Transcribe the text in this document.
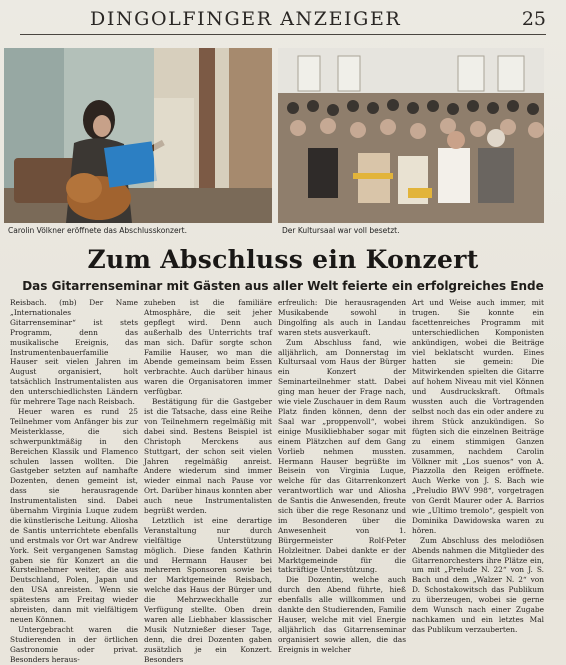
DINGOLFINGER ANZEIGER	25
Carolin Völkner eröffnete das Abschlusskonzert.	Der Kultursaal war voll besetzt.
Zum Abschluss ein Konzert
Das Gitarrenseminar mit Gästen aus aller Welt feierte ein erfolgreiches Ende

Reisbach. (mb) Der Name „Internationales Gitarrenseminar“ ist stets Programm, denn das musikalische Ereignis, das Instrumentenbauerfamilie Hauser seit vielen Jahren im August organisiert, holt tatsächlich Instrumentalisten aus den unterschiedlichsten Ländern für mehrere Tage nach Reisbach.

Heuer waren es rund 25 Teilnehmer vom Anfänger bis zur Meisterklasse, die sich schwerpunktmäßig in den Bereichen Klassik und Flamenco schulen lassen wollten. Die Gastgeber setzten auf namhafte Dozenten, denen gemeint ist, dass sie herausragende Instrumentalisten sind. Dabei übernahm Virginia Luque zudem die künstlerische Leitung. Aliosha de Santis unterrichtete ebenfalls und erstmals vor Ort war Andrew York. Seit vergangenen Samstag gaben sie für Konzert an die Kursteilnehmer weiter, die aus Deutschland, Polen, Japan und den USA anreisten. Wenn sie spätestens am Freitag wieder abreisten, dann mit vielfältigem neuen Können.

Untergebracht waren die Studierenden in der örtlichen Gastronomie oder privat. Besonders heraus-

zuheben ist die familiäre Atmosphäre, die seit jeher gepflegt wird. Denn auch außerhalb des Unterrichts traf man sich. Dafür sorgte schon Familie Hauser, wo man die Abende gemeinsam beim Essen verbrachte. Auch darüber hinaus waren die Organisatoren immer verfügbar.

Bestätigung für die Gastgeber ist die Tatsache, dass eine Reihe von Teilnehmern regelmäßig mit dabei sind. Bestens Beispiel ist Christoph Merckens aus Stuttgart, der schon seit vielen Jahren regelmäßig anreist. Andere wiederum sind immer wieder einmal nach Pause vor Ort. Darüber hinaus konnten aber auch neue Instrumentalisten begrüßt werden.

Letztlich ist eine derartige Veranstaltung nur durch vielfältige Unterstützung möglich. Diese fanden Kathrin und Hermann Hauser bei mehreren Sponsoren sowie bei der Marktgemeinde Reisbach, welche das Haus der Bürger und die Mehrzweckhalle zur Verfügung stellte. Oben drein waren alle Liebhaber klassischer Musik Nutznießer dieser Tage, denn, die drei Dozenten gaben zusätzlich je ein Konzert. Besonders

erfreulich: Die herausragenden Musikabende sowohl in Dingolfing als auch in Landau waren stets ausverkauft.

Zum Abschluss fand, wie alljährlich, am Donnerstag im Kultursaal vom Haus der Bürger ein Konzert der Seminarteilnehmer statt. Dabei ging man heuer der Frage nach, wie viele Zuschauer in dem Raum Platz finden können, denn der Saal war „proppenvoll“, wobei einige Musikliebhaber sogar mit einem Plätzchen auf dem Gang Vorlieb nehmen mussten. Hermann Hauser begrüßte im Beisein von Virginia Luque, welche für das Gitarrenkonzert verantwortlich war und Aliosha de Santis die Anwesenden, freute sich über die rege Resonanz und im Besonderen über die Anwesenheit von 1. Bürgermeister Rolf-Peter Holzleitner. Dabei dankte er der Marktgemeinde für die tatkräftige Unterstützung.

Die Dozentin, welche auch durch den Abend führte, hieß ebenfalls alle willkommen und dankte den Studierenden, Familie Hauser, welche mit viel Energie alljährlich das Gitarrenseminar organisiert sowie allen, die das Ereignis in welcher

Art und Weise auch immer, mit trugen. Sie konnte ein facettenreiches Programm mit unterschiedlichen Komponisten ankündigen, wobei die Beiträge viel beklatscht wurden. Eines hatten sie gemein: Die Mitwirkenden spielten die Gitarre auf hohem Niveau mit viel Können und Ausdruckskraft. Oftmals wussten auch die Vortragenden selbst noch das ein oder andere zu ihrem Stück anzukündigen. So fügten sich die einzelnen Beiträge zu einem stimmigen Ganzen zusammen, nachdem Carolin Völkner mit „Los suenos“ von A. Piazzolla den Reigen eröffnete. Auch Werke von J. S. Bach wie „Preludio BWV 998“, vorgetragen von Gerdt Maurer oder A. Barrios wie „Ultimo tremolo“, gespielt von Dominika Dawidowska waren zu hören.

Zum Abschluss des melodiösen Abends nahmen die Mitglieder des Gitarrenorchesters ihre Plätze ein, um mit „Prelude N. 22“ von J. S. Bach und dem „Walzer N. 2“ von D. Schostakowitsch das Publikum zu überzeugen, wobei sie gerne dem Wunsch nach einer Zugabe nachkamen und ein letztes Mal das Publikum verzauberten.
